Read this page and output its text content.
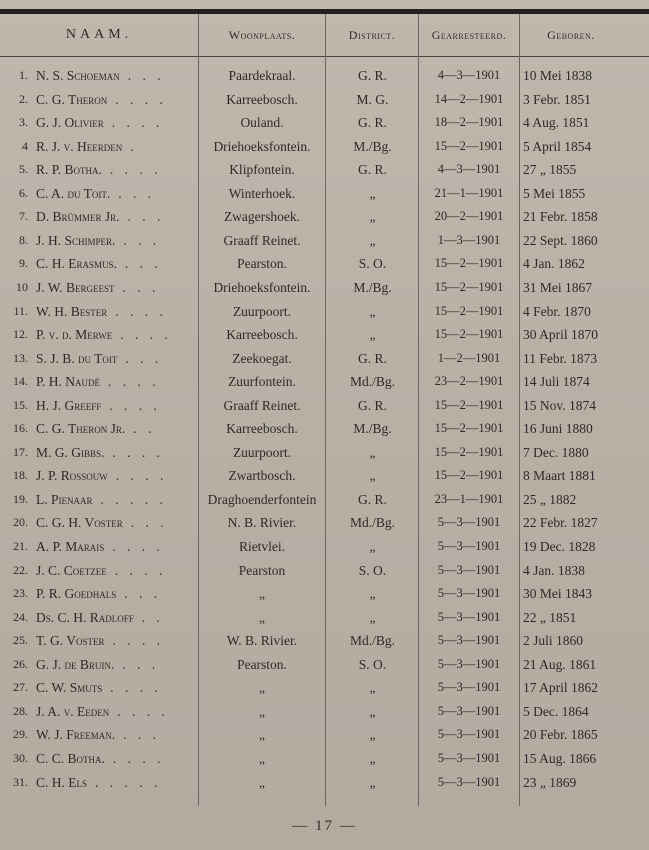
NAAM.	Woonplaats.	District.	Gearresteerd.	Geboren.
1. N. S. Schoeman . . .	Paardekraal.	G. R.	4—3—1901	10 Mei 1838
2. C. G. Theron . . . .	Karreebosch.	M. G.	14—2—1901	3 Febr. 1851
3. G. J. Olivier . . . .	Ouland.	G. R.	18—2—1901	4 Aug. 1851
4 R. J. v. Heerden .	Driehoeksfontein.	M./Bg.	15—2—1901	5 April 1854
5. R. P. Botha. . . . .	Klipfontein.	G. R.	4—3—1901	27 „ 1855
6. C. A. du Toit. . . .	Winterhoek.	„	21—1—1901	5 Mei 1855
7. D. Brümmer Jr. . . .	Zwagershoek.	„	20—2—1901	21 Febr. 1858
8. J. H. Schimper. . . .	Graaff Reinet.	„	1—3—1901	22 Sept. 1860
9. C. H. Erasmus. . . .	Pearston.	S. O.	15—2—1901	4 Jan. 1862
10 J. W. Bergeest . . .	Driehoeksfontein.	M./Bg.	15—2—1901	31 Mei 1867
11. W. H. Bester . . . .	Zuurpoort.	„	15—2—1901	4 Febr. 1870
12. P. v. d. Merwe . . . .	Karreebosch.	„	15—2—1901	30 April 1870
13. S. J. B. du Toit . . .	Zeekoegat.	G. R.	1—2—1901	11 Febr. 1873
14. P. H. Naudé . . . .	Zuurfontein.	Md./Bg.	23—2—1901	14 Juli 1874
15. H. J. Greeff . . . .	Graaff Reinet.	G. R.	15—2—1901	15 Nov. 1874
16. C. G. Theron Jr. . .	Karreebosch.	M./Bg.	15—2—1901	16 Juni 1880
17. M. G. Gibbs. . . . .	Zuurpoort.	„	15—2—1901	7 Dec. 1880
18. J. P. Rossouw . . . .	Zwartbosch.	„	15—2—1901	8 Maart 1881
19. L. Pienaar . . . . .	Draghoenderfontein	G. R.	23—1—1901	25 „ 1882
20. C. G. H. Voster . . .	N. B. Rivier.	Md./Bg.	5—3—1901	22 Febr. 1827
21. A. P. Marais . . . .	Rietvlei.	„	5—3—1901	19 Dec. 1828
22. J. C. Coetzee . . . .	Pearston	S. O.	5—3—1901	4 Jan. 1838
23. P. R. Goedhals . . .	„	„	5—3—1901	30 Mei 1843
24. Ds. C. H. Radloff . .	„	„	5—3—1901	22 „ 1851
25. T. G. Voster . . . .	W. B. Rivier.	Md./Bg.	5—3—1901	2 Juli 1860
26. G. J. de Bruin. . . .	Pearston.	S. O.	5—3—1901	21 Aug. 1861
27. C. W. Smuts . . . .	„	„	5—3—1901	17 April 1862
28. J. A. v. Eeden . . . .	„	„	5—3—1901	5 Dec. 1864
29. W. J. Freeman. . . .	„	„	5—3—1901	20 Febr. 1865
30. C. C. Botha. . . . .	„	„	5—3—1901	15 Aug. 1866
31. C. H. Els . . . . .	„	„	5—3—1901	23 „ 1869
— 17 —
